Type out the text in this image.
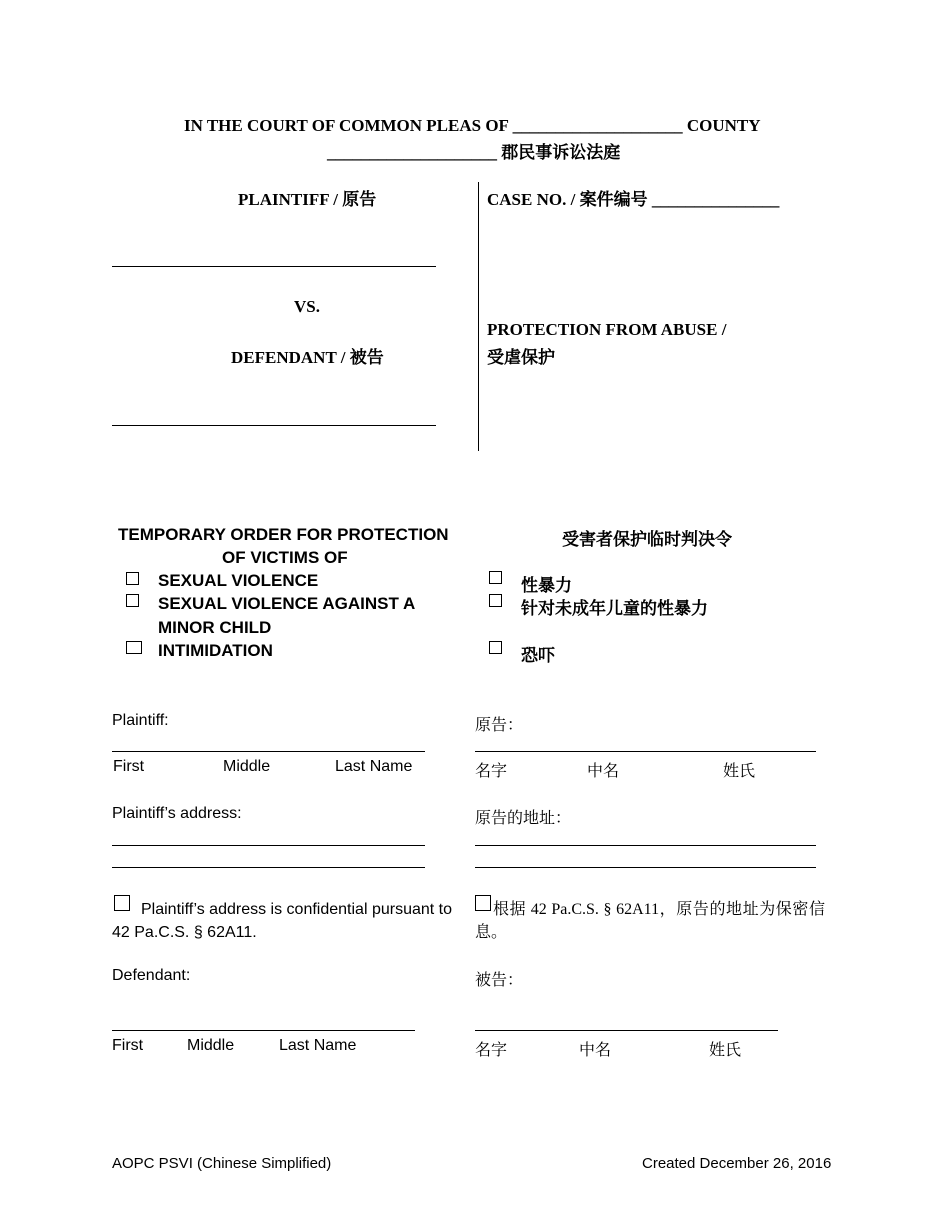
IN THE COURT OF COMMON PLEAS OF ____________________ COUNTY
____________________ 郡民事诉讼法庭
PLAINTIFF / 原告
VS.
DEFENDANT / 被告
CASE NO. / 案件编号 _______________
PROTECTION FROM ABUSE /
受虐保护
TEMPORARY ORDER FOR PROTECTION
OF VICTIMS OF
受害者保护临时判决令
SEXUAL VIOLENCE
SEXUAL VIOLENCE AGAINST A
MINOR CHILD
INTIMIDATION
性暴力
针对未成年儿童的性暴力
恐吓
Plaintiff:	原告：
First	Middle	Last Name	名字	中名	姓氏
Plaintiff’s address:	原告的地址：
Plaintiff’s address is confidential pursuant to 42 Pa.C.S. § 62A11.
根据 42 Pa.C.S. § 62A11，原告的地址为保密信息。
Defendant:	被告：
First	Middle	Last Name	名字	中名	姓氏
AOPC PSVI (Chinese Simplified)	Created December 26, 2016
